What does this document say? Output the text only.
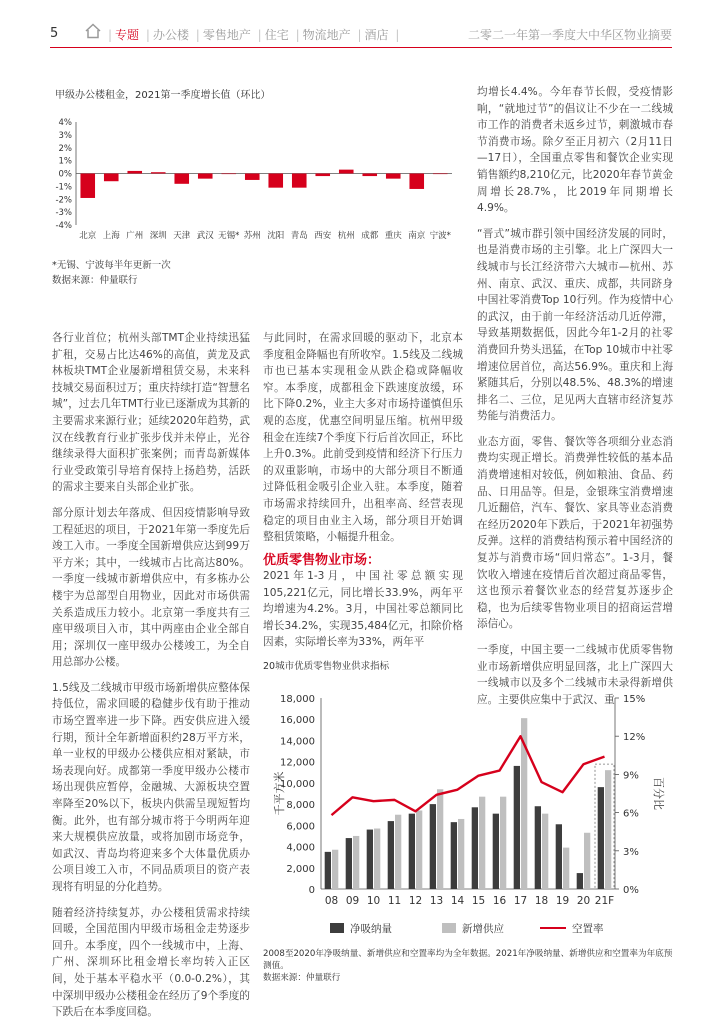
5	| 专题 | 办公楼 | 零售地产 | 住宅 | 物流地产 | 酒店 |	二零二一年第一季度大中华区物业摘要
甲级办公楼租金，2021第一季度增长值（环比）
4%
3%
2%
1%
0%
-1%
-2%
-3%
-4%
北京 上海 广州 深圳 天津 武汉 无锡* 苏州 沈阳 青岛 西安 杭州 成都 重庆 南京 宁波*
*无锡、宁波每半年更新一次
数据来源：仲量联行

各行业首位；杭州头部TMT企业持续迅猛扩租，交易占比达46%的高值，黄龙及武林板块TMT企业屡新增租赁交易，未来科技城交易面积过万；重庆持续打造“智慧名城”，过去几年TMT行业已逐渐成为其新的主要需求来源行业；延续2020年趋势，武汉在线教育行业扩张步伐并未停止，光谷继续录得大面积扩张案例；而青岛新媒体行业受政策引导培育保持上扬趋势，活跃的需求主要来自头部企业扩张。

部分原计划去年落成、但因疫情影响导致工程延迟的项目，于2021年第一季度先后竣工入市。一季度全国新增供应达到99万平方米；其中，一线城市占比高达80%。一季度一线城市新增供应中，有多栋办公楼宇为总部型自用物业，因此对市场供需关系造成压力较小。北京第一季度共有三座甲级项目入市，其中两座由企业全部自用；深圳仅一座甲级办公楼竣工，为全自用总部办公楼。

1.5线及二线城市甲级市场新增供应整体保持低位，需求回暖的稳健步伐有助于推动市场空置率进一步下降。西安供应进入缓行期，预计全年新增面积约28万平方米，单一业权的甲级办公楼供应相对紧缺，市场表现向好。成都第一季度甲级办公楼市场出现供应暂停，金融城、大源板块空置率降至20%以下，板块内供需呈现短暂均衡。此外，也有部分城市将于今明两年迎来大规模供应放量，或将加剧市场竞争，如武汉、青岛均将迎来多个大体量优质办公项目竣工入市，不同品质项目的资产表现将有明显的分化趋势。

随着经济持续复苏，办公楼租赁需求持续回暖，全国范围内甲级市场租金走势逐步回升。本季度，四个一线城市中，上海、广州、深圳环比租金增长率均转入正区间，处于基本平稳水平（0.0-0.2%），其中深圳甲级办公楼租金在经历了9个季度的下跌后在本季度回稳。

与此同时，在需求回暖的驱动下，北京本季度租金降幅也有所收窄。1.5线及二线城市也已基本实现租金从跌企稳或降幅收窄。本季度，成都租金下跌速度放缓，环比下降0.2%，业主大多对市场持谨慎但乐观的态度，优惠空间明显压缩。杭州甲级租金在连续7个季度下行后首次回正，环比上升0.3%。此前受到疫情和经济下行压力的双重影响，市场中的大部分项目不断通过降低租金吸引企业入驻。本季度，随着市场需求持续回升，出租率高、经营表现稳定的项目由业主入场，部分项目开始调整租赁策略，小幅提升租金。

优质零售物业市场：

2021年1-3月，中国社零总额实现105,221亿元，同比增长33.9%，两年平均增速为4.2%。3月，中国社零总额同比增长34.2%，实现35,484亿元，扣除价格因素，实际增长率为33%，两年平

均增长4.4%。今年春节长假，受疫情影响，“就地过节”的倡议让不少在一二线城市工作的消费者未返乡过节，刺激城市春节消费市场。除夕至正月初六（2月11日—17日），全国重点零售和餐饮企业实现销售额约8,210亿元，比2020年春节黄金周增长28.7%，比2019年同期增长4.9%。

“晋式”城市群引领中国经济发展的同时，也是消费市场的主引擎。北上广深四大一线城市与长江经济带六大城市—杭州、苏州、南京、武汉、重庆、成都，共同跻身中国社零消费Top 10行列。作为疫情中心的武汉，由于前一年经济活动几近停滞，导致基期数据低，因此今年1-2月的社零消费回升势头迅猛，在Top 10城市中社零增速位居首位，高达56.9%。重庆和上海紧随其后，分别以48.5%、48.3%的增速排名二、三位，足见两大直辖市经济复苏势能与消费活力。

业态方面，零售、餐饮等各项细分业态消费均实现正增长。消费弹性较低的基本品消费增速相对较低，例如粮油、食品、药品、日用品等。但是，金银珠宝消费增速几近翻倍，汽车、餐饮、家具等业态消费在经历2020年下跌后，于2021年初强势反弹。这样的消费结构预示着中国经济的复苏与消费市场“回归常态”。1-3月，餐饮收入增速在疫情后首次超过商品零售，这也预示着餐饮业态的经营复苏逐步企稳，也为后续零售物业项目的招商运营增添信心。

一季度，中国主要一二线城市优质零售物业市场新增供应明显回落，北上广深四大一线城市以及多个二线城市未录得新增供应。主要供应集中于武汉、重

20城市优质零售物业供求指标
0
2,000
4,000
6,000
8,000
10,000
12,000
14,000
16,000
18,000
0%
3%
6%
9%
12%
15%
千平方米	百分比
08 09 10 11 12 13 14 15 16 17 18 19 20 21F
净吸纳量	新增供应	空置率
2008至2020年净吸纳量、新增供应和空置率均为全年数据。2021年净吸纳量、新增供应和空置率为年底预测值。
数据来源：仲量联行
